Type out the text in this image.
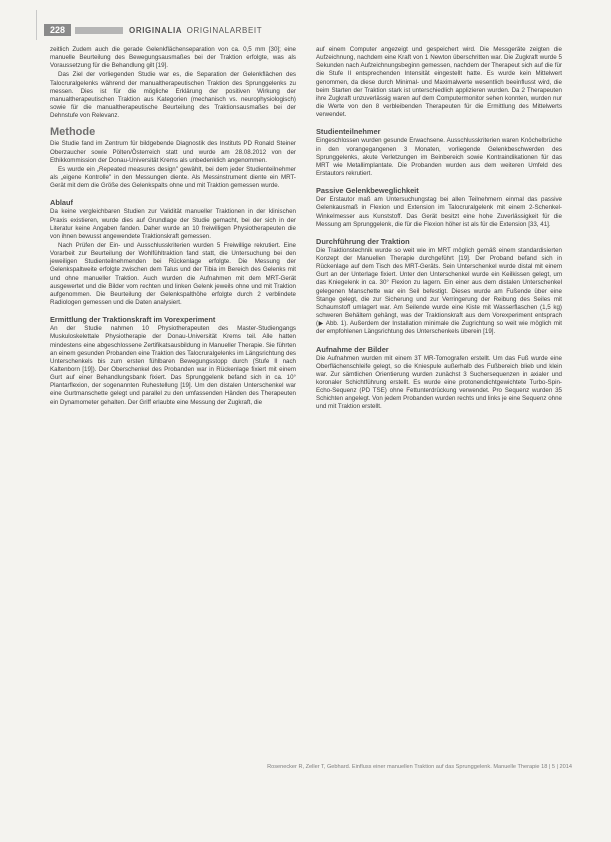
228	ORIGINALIA ORIGINALARBEIT

zeitlich Zudem auch die gerade Gelenkflächenseparation von ca. 0,5 mm [30]; eine manuelle Beurteilung des Bewegungsausmaßes bei der Traktion erfolgte, was als Voraussetzung für die Behandlung gilt [19].

Das Ziel der vorliegenden Studie war es, die Separation der Gelenkflächen des Talocruralgelenks während der manualtherapeutischen Traktion des Sprunggelenks zu messen. Dies ist für die mögliche Erklärung der positiven Wirkung der manualtherapeutischen Traktion aus Kategorien (mechanisch vs. neurophysiologisch) sowie für die manualtherapeutische Beurteilung des Traktionsausmaßes bei der Dehnstufe von Relevanz.

Methode

Die Studie fand im Zentrum für bildgebende Diagnostik des Instituts PD Ronald Steiner Oberzaucher sowie Pölten/Österreich statt und wurde am 28.08.2012 von der Ethikkommission der Donau-Universität Krems als unbedenklich angenommen.

Es wurde ein „Repeated measures design" gewählt, bei dem jeder Studienteilnehmer als „eigene Kontrolle" in den Messungen diente. Als Messinstrument diente ein MRT-Gerät mit dem die Größe des Gelenkspalts ohne und mit Traktion gemessen wurde.

Ablauf

Da keine vergleichbaren Studien zur Validität manueller Traktionen in der klinischen Praxis existieren, wurde dies auf Grundlage der Studie gemacht, bei der sich in der Literatur keine Angaben fanden. Daher wurde an 10 freiwilligen Physiotherapeuten die von ihnen bewusst angewendete Traktionskraft gemessen.

Nach Prüfen der Ein- und Ausschlusskriterien wurden 5 Freiwillige rekrutiert. Eine Vorarbeit zur Beurteilung der Wohlfühltraktion fand statt, die Untersuchung bei den jeweiligen Studienteilnehmenden bei Rückenlage erfolgte. Die Messung der Gelenkspaltweite erfolgte zwischen dem Talus und der Tibia im Bereich des Gelenks mit und ohne manueller Traktion. Auch wurden die Aufnahmen mit dem MRT-Gerät ausgewertet und die Bilder vom rechten und linken Gelenk jeweils ohne und mit Traktion aufgenommen. Die Beurteilung der Gelenkspalthöhe erfolgte durch 2 verblindete Radiologen gemessen und die Daten analysiert.

Ermittlung der Traktionskraft im Vorexperiment

An der Studie nahmen 10 Physiotherapeuten des Master-Studiengangs Muskuloskelettale Physiotherapie der Donau-Universität Krems teil. Alle hatten mindestens eine abgeschlossene Zertifikatsausbildung in Manueller Therapie. Sie führten an einem gesunden Probanden eine Traktion des Talocruralgelenks im Längsrichtung des Unterschenkels bis zum ersten fühlbaren Bewegungsstopp durch (Stufe II nach Kaltenborn [19]). Der Oberschenkel des Probanden war in Rückenlage fixiert mit einem Gurt auf einer Behandlungsbank fixiert. Das Sprunggelenk befand sich in ca. 10° Plantarflexion, der sogenannten Ruhestellung [19]. Um den distalen Unterschenkel war eine Gurtmanschette gelegt und parallel zu den umfassenden Händen des Therapeuten ein Dynamometer gehalten. Der Griff erlaubte eine Messung der Zugkraft, die

auf einem Computer angezeigt und gespeichert wird. Die Messgeräte zeigten die Aufzeichnung, nachdem eine Kraft von 1 Newton überschritten war. Die Zugkraft wurde 5 Sekunden nach Aufzeichnungsbeginn gemessen, nachdem der Therapeut sich auf die für die Stufe II entsprechenden Intensität eingestellt hatte. Es wurde kein Mittelwert genommen, da diese durch Minimal- und Maximalwerte wesentlich beeinflusst wird, die beim Starten der Traktion stark ist unterschiedlich applizieren wurden. Da 2 Therapeuten ihre Zugkraft unzuverlässig waren auf dem Computermonitor sehen konnten, wurden nur die Werte von den 8 verbleibenden Therapeuten für die Ermittlung des Mittelwerts verwendet.

Studienteilnehmer

Eingeschlossen wurden gesunde Erwachsene. Ausschlusskriterien waren Knöchelbrüche in den vorangegangenen 3 Monaten, vorliegende Gelenkbeschwerden des Sprunggelenks, akute Verletzungen im Beinbereich sowie Kontraindikationen für das MRT wie Metallimplantate. Die Probanden wurden aus dem weiteren Umfeld des Erstautors rekrutiert.

Passive Gelenkbeweglichkeit

Der Erstautor maß am Untersuchungstag bei allen Teilnehmern einmal das passive Gelenkausmaß in Flexion und Extension im Talocruralgelenk mit einem 2-Schenkel-Winkelmesser aus Kunststoff. Das Gerät besitzt eine hohe Zuverlässigkeit für die Messung am Sprunggelenk, die für die Flexion höher ist als für die Extension [33, 41].

Durchführung der Traktion

Die Traktionstechnik wurde so weit wie im MRT möglich gemäß einem standardisierten Konzept der Manuellen Therapie durchgeführt [19]. Der Proband befand sich in Rückenlage auf dem Tisch des MRT-Geräts. Sein Unterschenkel wurde distal mit einem Gurt an der Unterlage fixiert. Unter den Unterschenkel wurde ein Keilkissen gelegt, um das Kniegelenk in ca. 30° Flexion zu lagern. Ein einer aus dem distalen Unterschenkel gelegenen Manschette war ein Seil befestigt. Dieses wurde am Fußende über eine Stange gelegt, die zur Sicherung und zur Verringerung der Reibung des Seiles mit Schaumstoff umlagert war. Am Seilende wurde eine Kiste mit Wasserflaschen (1,5 kg) schweren Behältern gehängt, was der Traktionskraft aus dem Vorexperiment entsprach (▶ Abb. 1). Außerdem der Installation minimale die Zugrichtung so weit wie möglich mit der empfohlenen Längsrichtung des Unterschenkels überein [19].

Aufnahme der Bilder

Die Aufnahmen wurden mit einem 3T MR-Tomografen erstellt. Um das Fuß wurde eine Oberflächenschleife gelegt, so die Kniespule außerhalb des Fußbereich blieb und klein war. Zur sämtlichen Orientierung wurden zunächst 3 Suchersequenzen in axialer und koronaler Schichtführung erstellt. Es wurde eine protonendichtgewichtete Turbo-Spin-Echo-Sequenz (PD TSE) ohne Fettunterdrückung verwendet. Pro Sequenz wurden 35 Schichten angelegt. Von jedem Probanden wurden rechts und links je eine Sequenz ohne und mit Traktion erstellt.

Rosenecker R, Zeller T, Gebhard. Einfluss einer manuellen Traktion auf das Sprunggelenk. Manuelle Therapie 18 | 5 | 2014
